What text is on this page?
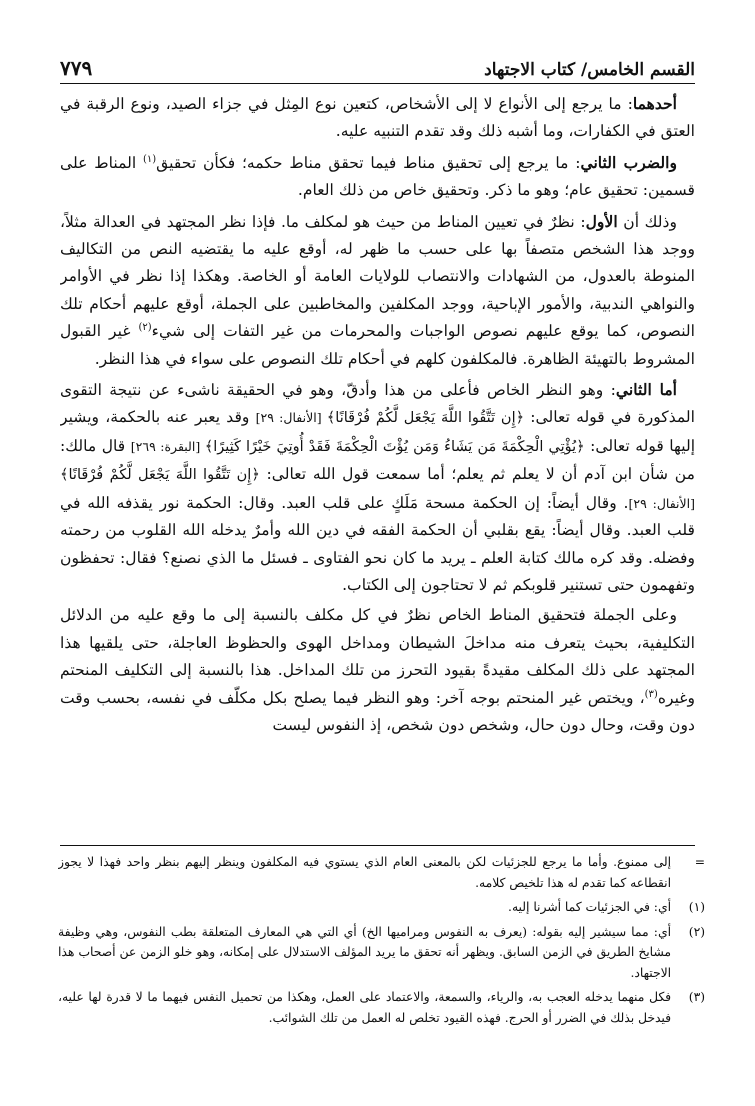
٧٧٩	القسم الخامس/ كتاب الاجتهاد

أحدهما: ما يرجع إلى الأنواع لا إلى الأشخاص، كتعين نوع المِثل في جزاء الصيد، ونوع الرقبة في العتق في الكفارات، وما أشبه ذلك وقد تقدم التنبيه عليه.

والضرب الثاني: ما يرجع إلى تحقيق مناط فيما تحقق مناط حكمه؛ فكأن تحقيق$^{(١)}$ المناط على قسمين: تحقيق عام؛ وهو ما ذكر. وتحقيق خاص من ذلك العام.

وذلك أن الأول: نظرٌ في تعيين المناط من حيث هو لمكلف ما. فإذا نظر المجتهد في العدالة مثلاً، ووجد هذا الشخص متصفاً بها على حسب ما ظهر له، أوقع عليه ما يقتضيه النص من التكاليف المنوطة بالعدول، من الشهادات والانتصاب للولايات العامة أو الخاصة. وهكذا إذا نظر في الأوامر والنواهي الندبية، والأمور الإباحية، ووجد المكلفين والمخاطبين على الجملة، أوقع عليهم أحكام تلك النصوص، كما يوقع عليهم نصوص الواجبات والمحرمات من غير التفات إلى شيء$^{(٢)}$ غير القبول المشروط بالتهيئة الظاهرة. فالمكلفون كلهم في أحكام تلك النصوص على سواء في هذا النظر.

أما الثاني: وهو النظر الخاص فأعلى من هذا وأدقّ، وهو في الحقيقة ناشىء عن نتيجة التقوى المذكورة في قوله تعالى: ﴿إِن تَتَّقُوا اللَّهَ يَجْعَل لَّكُمْ فُرْقَانًا﴾ [الأنفال: ٢٩] وقد يعبر عنه بالحكمة، ويشير إليها قوله تعالى: ﴿يُؤْتِي الْحِكْمَةَ مَن يَشَاءُ وَمَن يُؤْتَ الْحِكْمَةَ فَقَدْ أُوتِيَ خَيْرًا كَثِيرًا﴾ [البقرة: ٢٦٩] قال مالك: من شأن ابن آدم أن لا يعلم ثم يعلم؛ أما سمعت قول الله تعالى: ﴿إِن تَتَّقُوا اللَّهَ يَجْعَل لَّكُمْ فُرْقَانًا﴾ [الأنفال: ٢٩]. وقال أيضاً: إن الحكمة مسحة مَلَكٍ على قلب العبد. وقال: الحكمة نور يقذفه الله في قلب العبد. وقال أيضاً: يقع بقلبي أن الحكمة الفقه في دين الله وأمرٌ يدخله الله القلوب من رحمته وفضله. وقد كره مالك كتابة العلم ـ يريد ما كان نحو الفتاوى ـ فسئل ما الذي نصنع؟ فقال: تحفظون وتفهمون حتى تستنير قلوبكم ثم لا تحتاجون إلى الكتاب.

وعلى الجملة فتحقيق المناط الخاص نظرٌ في كل مكلف بالنسبة إلى ما وقع عليه من الدلائل التكليفية، بحيث يتعرف منه مداخلَ الشيطان ومداخل الهوى والحظوظ العاجلة، حتى يلقيها هذا المجتهد على ذلك المكلف مقيدةً بقيود التحرز من تلك المداخل. هذا بالنسبة إلى التكليف المنحتم وغيره$^{(٣)}$، ويختص غير المنحتم بوجه آخر: وهو النظر فيما يصلح بكل مكلّف في نفسه، بحسب وقت دون وقت، وحال دون حال، وشخص دون شخص، إذ النفوس ليست

=
إلى ممنوع. وأما ما يرجع للجزئيات لكن بالمعنى العام الذي يستوي فيه المكلفون وينظر إليهم بنظر واحد فهذا لا يجوز انقطاعه كما تقدم له هذا تلخيص كلامه.
(١)
أي: في الجزئيات كما أشرنا إليه.
(٢)
أي: مما سيشير إليه بقوله: (يعرف به النفوس ومراميها الخ) أي التي هي المعارف المتعلقة بطب النفوس، وهي وظيفة مشايخ الطريق في الزمن السابق. ويظهر أنه تحقق ما يريد المؤلف الاستدلال على إمكانه، وهو خلو الزمن عن أصحاب هذا الاجتهاد.
(٣)
فكل منهما يدخله العجب به، والرياء، والسمعة، والاعتماد على العمل، وهكذا من تحميل النفس فيهما ما لا قدرة لها عليه، فيدخل بذلك في الضرر أو الحرج. فهذه القيود تخلص له العمل من تلك الشوائب.
